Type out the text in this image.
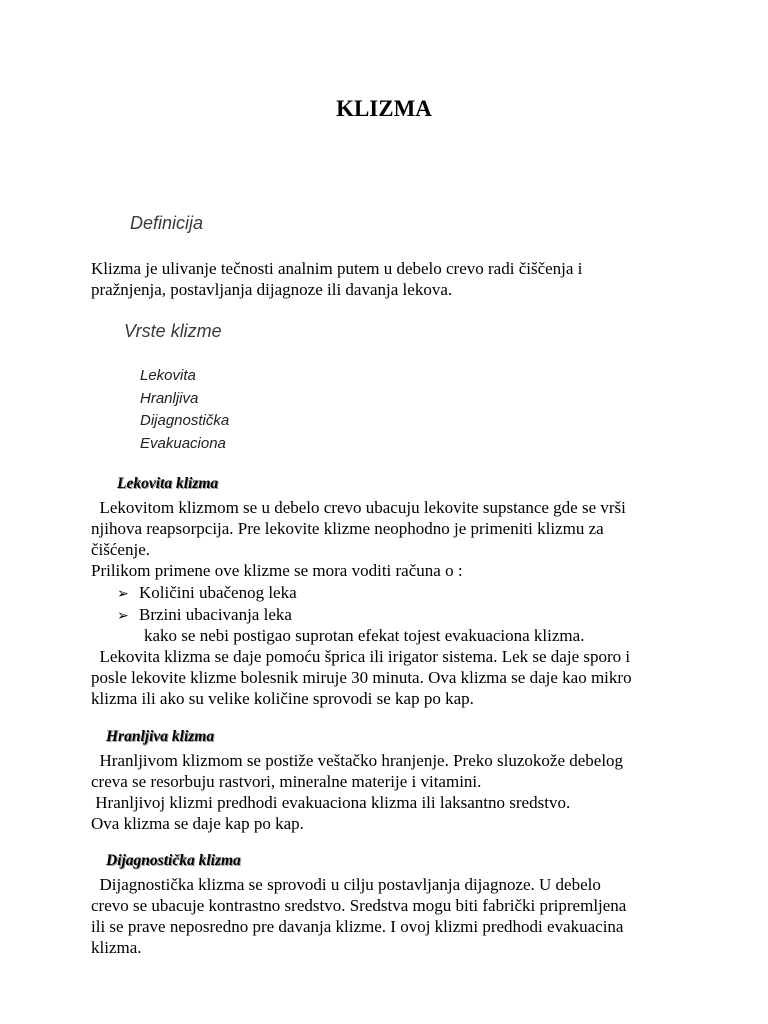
KLIZMA
Definicija
Klizma je ulivanje tečnosti analnim putem u debelo crevo radi čiščenja i
pražnjenja, postavljanja dijagnoze ili davanja lekova.
Vrste klizme
Lekovita
Hranljiva
Dijagnostička
Evakuaciona
Lekovita klizma
Lekovitom klizmom se u debelo crevo ubacuju lekovite supstance gde se vrši
njihova reapsorpcija. Pre lekovite klizme neophodno je primeniti klizmu za
čišćenje.
Prilikom primene ove klizme se mora voditi računa o :
➢ Količini ubačenog leka
➢ Brzini ubacivanja leka
kako se nebi postigao suprotan efekat tojest evakuaciona klizma.
Lekovita klizma se daje pomoću šprica ili irigator sistema. Lek se daje sporo i
posle lekovite klizme bolesnik miruje 30 minuta. Ova klizma se daje kao mikro
klizma ili ako su velike količine sprovodi se kap po kap.
Hranljiva klizma
Hranljivom klizmom se postiže veštačko hranjenje. Preko sluzokože debelog
creva se resorbuju rastvori, mineralne materije i vitamini.
Hranljivoj klizmi predhodi evakuaciona klizma ili laksantno sredstvo.
Ova klizma se daje kap po kap.
Dijagnostička klizma
Dijagnostička klizma se sprovodi u cilju postavljanja dijagnoze. U debelo
crevo se ubacuje kontrastno sredstvo. Sredstva mogu biti fabrički pripremljena
ili se prave neposredno pre davanja klizme. I ovoj klizmi predhodi evakuacina
klizma.
